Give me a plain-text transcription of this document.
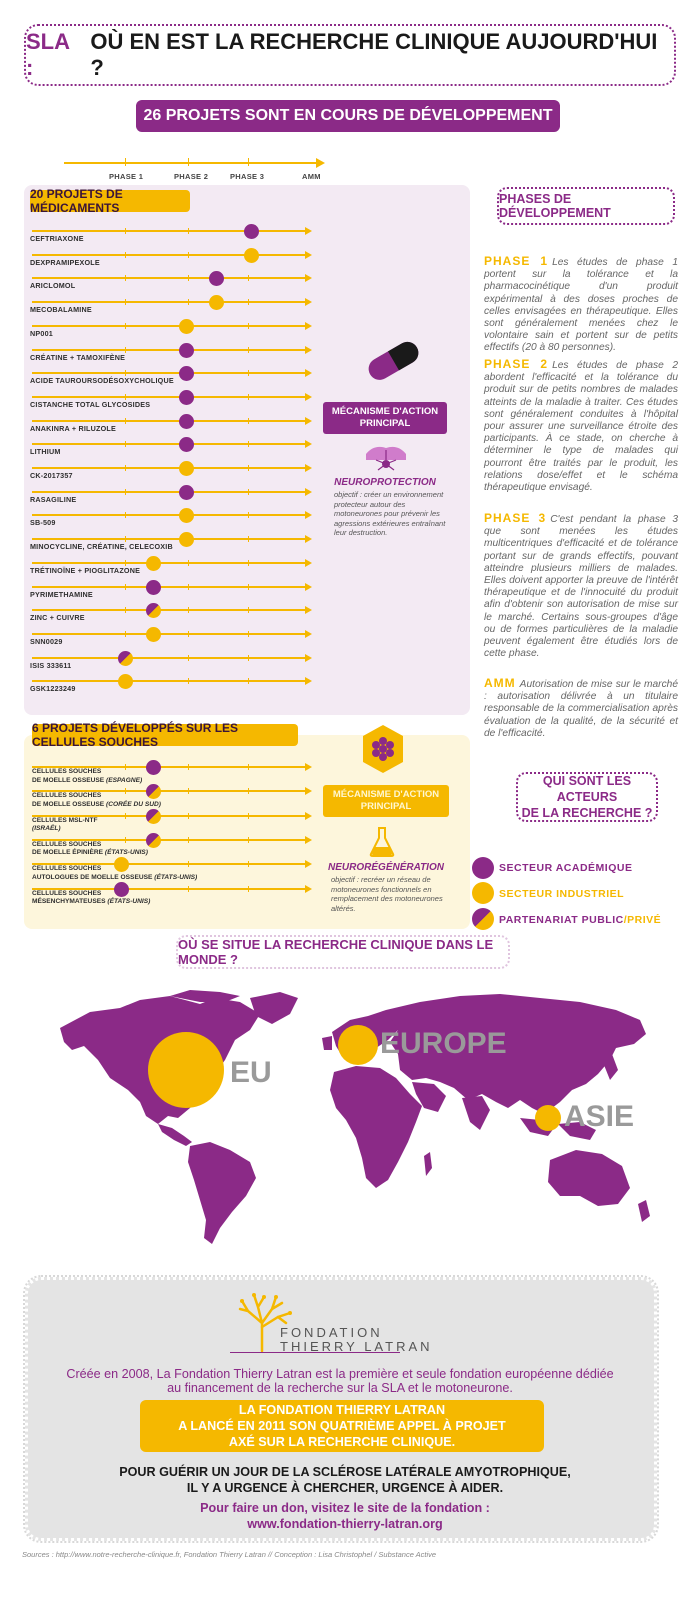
SLA :
OÙ EN EST LA RECHERCHE CLINIQUE AUJOURD'HUI ?
26 PROJETS SONT EN COURS DE DÉVELOPPEMENT
PHASE 1	PHASE 2	PHASE 3	AMM
20 PROJETS DE MÉDICAMENTS
CEFTRIAXONE
DEXPRAMIPEXOLE
ARICLOMOL
MECOBALAMINE
NP001
CRÉATINE + TAMOXIFÈNE
ACIDE TAUROURSODÉSOXYCHOLIQUE
CISTANCHE TOTAL GLYCOSIDES
ANAKINRA + RILUZOLE
LITHIUM
CK-2017357
RASAGILINE
SB-509
MINOCYCLINE, CRÉATINE, CELECOXIB
TRÉTINOÏNE + PIOGLITAZONE
PYRIMETHAMINE
ZINC + CUIVRE
SNN0029
ISIS 333611
GSK1223249
MÉCANISME D'ACTION PRINCIPAL
NEUROPROTECTION
objectif : créer un environnement protecteur autour des motoneurones pour prévenir les agressions extérieures entraînant leur destruction.
6 PROJETS DÉVELOPPÉS SUR LES CELLULES SOUCHES
CELLULES SOUCHES
DE MOELLE OSSEUSE (ESPAGNE)
CELLULES SOUCHES
DE MOELLE OSSEUSE (CORÉE DU SUD)
CELLULES MSL-NTF
(ISRAËL)
CELLULES SOUCHES
DE MOELLE ÉPINIÈRE (ÉTATS-UNIS)
CELLULES SOUCHES
AUTOLOGUES DE MOELLE OSSEUSE (ÉTATS-UNIS)
CELLULES SOUCHES
MÉSENCHYMATEUSES (ÉTATS-UNIS)
MÉCANISME D'ACTION PRINCIPAL
NEURORÉGÉNÉRATION
objectif : recréer un réseau de motoneurones fonctionnels en remplacement des motoneurones altérés.
PHASES DE DÉVELOPPEMENT
PHASE 1 Les études de phase 1 portent sur la tolérance et la pharmacocinétique d'un produit expérimental à des doses proches de celles envisagées en thérapeutique. Elles sont généralement menées chez le volontaire sain et portent sur de petits effectifs (20 à 80 personnes).
PHASE 2 Les études de phase 2 abordent l'efficacité et la tolérance du produit sur de petits nombres de malades atteints de la maladie à traiter. Ces études sont généralement conduites à l'hôpital pour assurer une surveillance étroite des participants. À ce stade, on cherche à déterminer le type de malades qui pourront être traités par le produit, les relations dose/effet et le schéma thérapeutique envisagé.
PHASE 3 C'est pendant la phase 3 que sont menées les études multicentriques d'efficacité et de tolérance portant sur de grands effectifs, pouvant atteindre plusieurs milliers de malades. Elles doivent apporter la preuve de l'intérêt thérapeutique et de l'innocuité du produit afin d'obtenir son autorisation de mise sur le marché. Certains sous-groupes d'âge ou de formes particulières de la maladie peuvent également être étudiés lors de cette phase.
AMM Autorisation de mise sur le marché : autorisation délivrée à un titulaire responsable de la commercialisation après évaluation de la qualité, de la sécurité et de l'efficacité.
QUI SONT LES ACTEURS
DE LA RECHERCHE ?
SECTEUR ACADÉMIQUE
SECTEUR INDUSTRIEL
PARTENARIAT PUBLIC/PRIVÉ
OÙ SE SITUE LA RECHERCHE CLINIQUE DANS LE MONDE ?
EU
EUROPE
ASIE
FONDATION
THIERRY LATRAN
Créée en 2008, La Fondation Thierry Latran est la première et seule fondation européenne dédiée
au financement de la recherche sur la SLA et le motoneurone.
LA FONDATION THIERRY LATRAN
A LANCÉ EN 2011 SON QUATRIÈME APPEL À PROJET
AXÉ SUR LA RECHERCHE CLINIQUE.
POUR GUÉRIR UN JOUR DE LA SCLÉROSE LATÉRALE AMYOTROPHIQUE,
IL Y A URGENCE À CHERCHER, URGENCE À AIDER.
Pour faire un don, visitez le site de la fondation :
www.fondation-thierry-latran.org
Sources : http://www.notre-recherche-clinique.fr, Fondation Thierry Latran // Conception : Lisa Christophel / Substance Active
